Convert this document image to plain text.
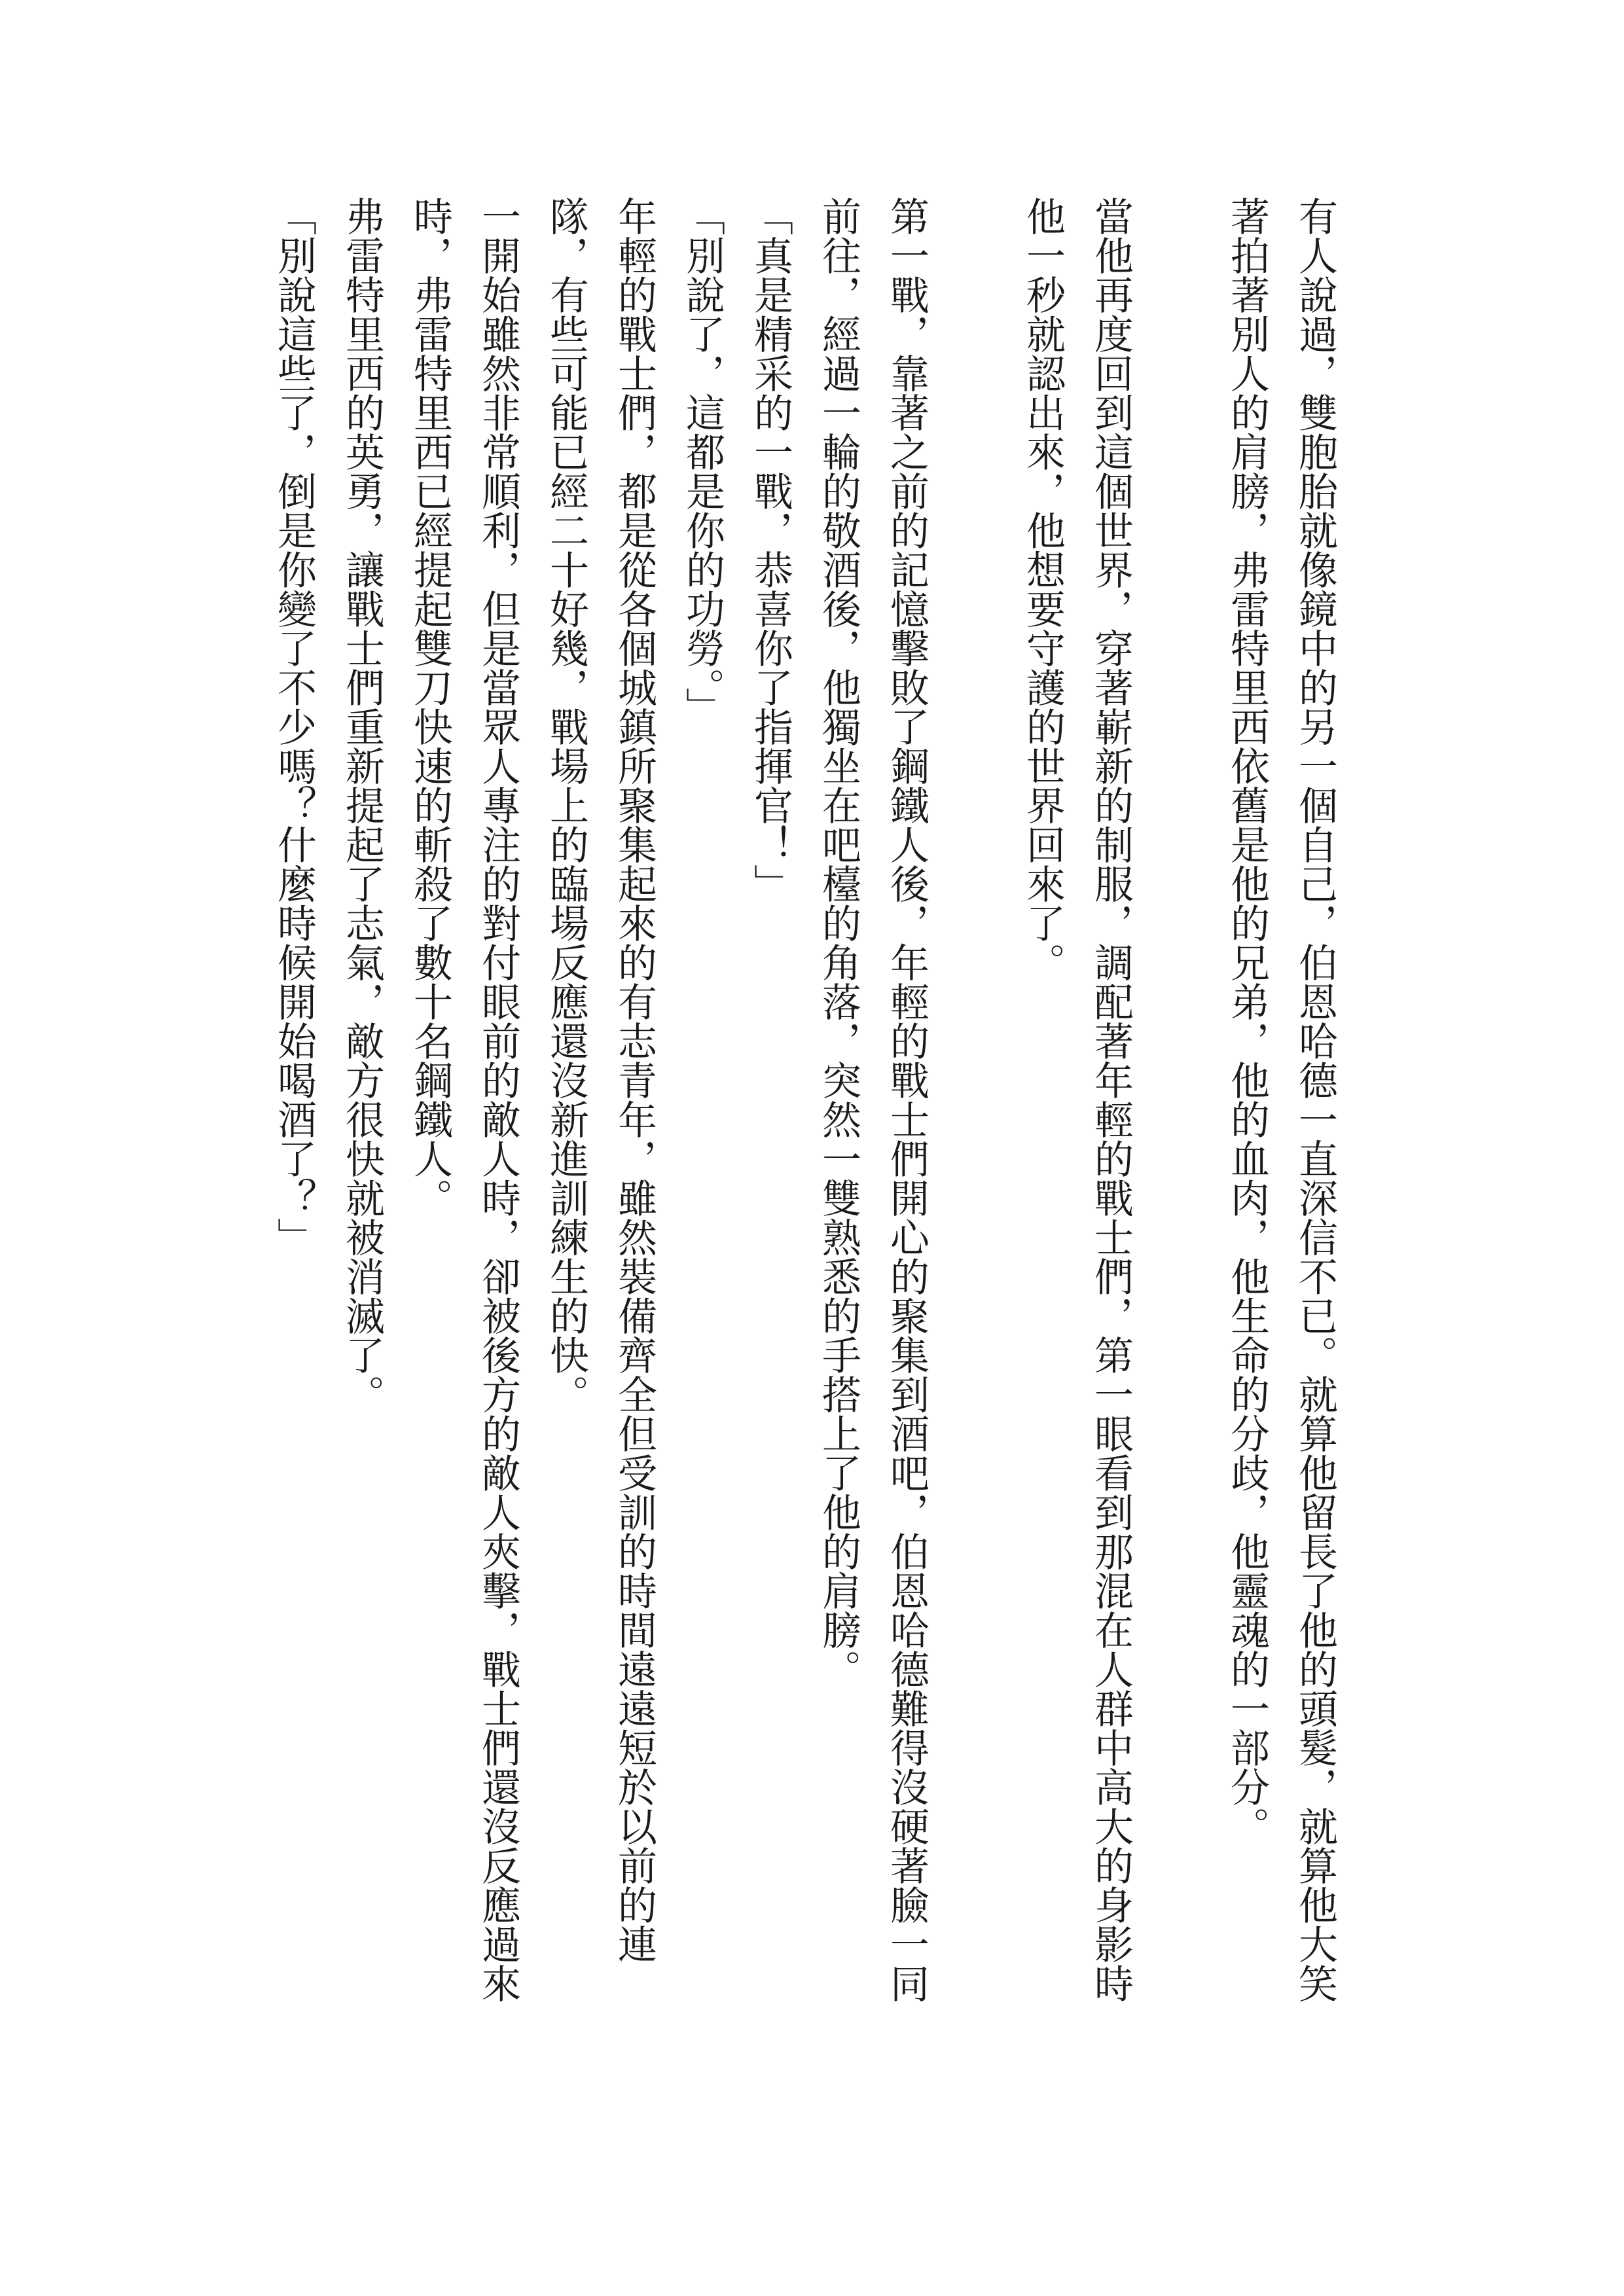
有人說過，雙胞胎就像鏡中的另一個自己，伯恩哈德一直深信不已。就算他留長了他的頭髮，就算他大笑著拍著別人的肩膀，弗雷特里西依舊是他的兄弟，他的血肉，他生命的分歧，他靈魂的一部分。

當他再度回到這個世界，穿著嶄新的制服，調配著年輕的戰士們，第一眼看到那混在人群中高大的身影時他一秒就認出來，他想要守護的世界回來了。

第一戰，靠著之前的記憶擊敗了鋼鐵人後，年輕的戰士們開心的聚集到酒吧，伯恩哈德難得沒硬著臉一同前往，經過一輪的敬酒後，他獨坐在吧檯的角落，突然一雙熟悉的手搭上了他的肩膀。

「真是精采的一戰，恭喜你了指揮官！」

「別說了，這都是你的功勞。」

年輕的戰士們，都是從各個城鎮所聚集起來的有志青年，雖然裝備齊全但受訓的時間遠遠短於以前的連隊，有些可能已經二十好幾，戰場上的臨場反應還沒新進訓練生的快。

一開始雖然非常順利，但是當眾人專注的對付眼前的敵人時，卻被後方的敵人夾擊，戰士們還沒反應過來時，弗雷特里西已經提起雙刀快速的斬殺了數十名鋼鐵人。

弗雷特里西的英勇，讓戰士們重新提起了志氣，敵方很快就被消滅了。

「別說這些了，倒是你變了不少嗎？什麼時候開始喝酒了？」
